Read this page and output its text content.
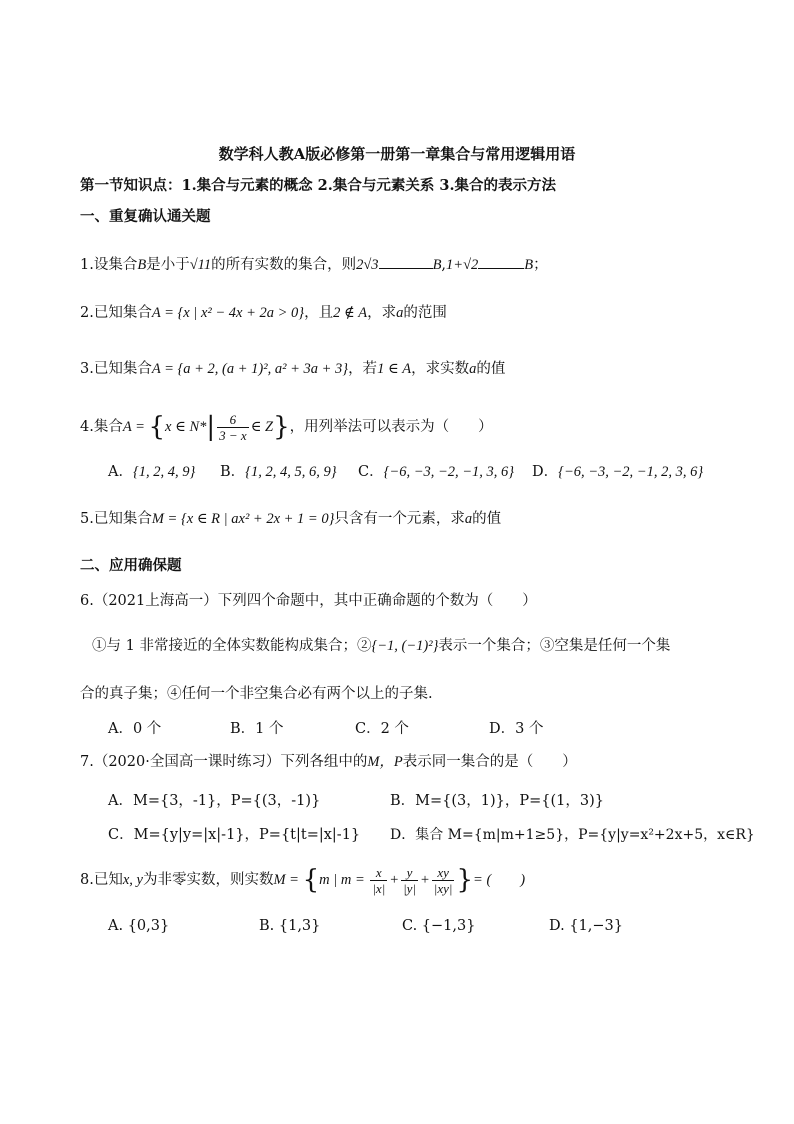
数学科人教A版必修第一册第一章集合与常用逻辑用语
第一节知识点：1.集合与元素的概念 2.集合与元素关系 3.集合的表示方法
一、重复确认通关题
1.设集合B是小于√11的所有实数的集合，则2√3	B,1+√2	B；
2.已知集合A = {x | x² − 4x + 2a > 0}，且2 ∉ A，求a的范围
3.已知集合A = {a + 2, (a + 1)², a² + 3a + 3}，若1 ∈ A，求实数a的值
4.集合A = {x ∈ $N*| \frac{6}{3 - x}$ ∈ Z}，用列举法可以表示为（　　）
A．{1, 2, 4, 9} B．{1, 2, 4, 5, 6, 9} C．{−6, −3, −2, −1, 3, 6} D．{−6, −3, −2, −1, 2, 3, 6}
5.已知集合M = {x ∈ R | ax² + 2x + 1 = 0}只含有一个元素，求a的值
二、应用确保题
6.（2021上海高一）下列四个命题中，其中正确命题的个数为（　　）
①与 1 非常接近的全体实数能构成集合；②{−1, (−1)²}表示一个集合；③空集是任何一个集
合的真子集；④任何一个非空集合必有两个以上的子集.
A．0 个	B．1 个	C．2 个	D．3 个
7.（2020·全国高一课时练习）下列各组中的M，P表示同一集合的是（　　）
A．M={3，-1}，P={(3，-1)}	B．M={(3，1)}，P={(1，3)}
C．M={y|y=|x|-1}，P={t|t=|x|-1} D．集合 M={m|m+1≥5}，P={y|y=x²+2x+5，x∈R}
8.已知x, y为非零实数，则实数M = {m | $m = \frac{x}{|x|} + \frac{y}{|y|} + \frac{xy}{|xy|}$ }= (　　)
A. {0,3}	B. {1,3}	C. {−1,3}	D. {1,−3}
